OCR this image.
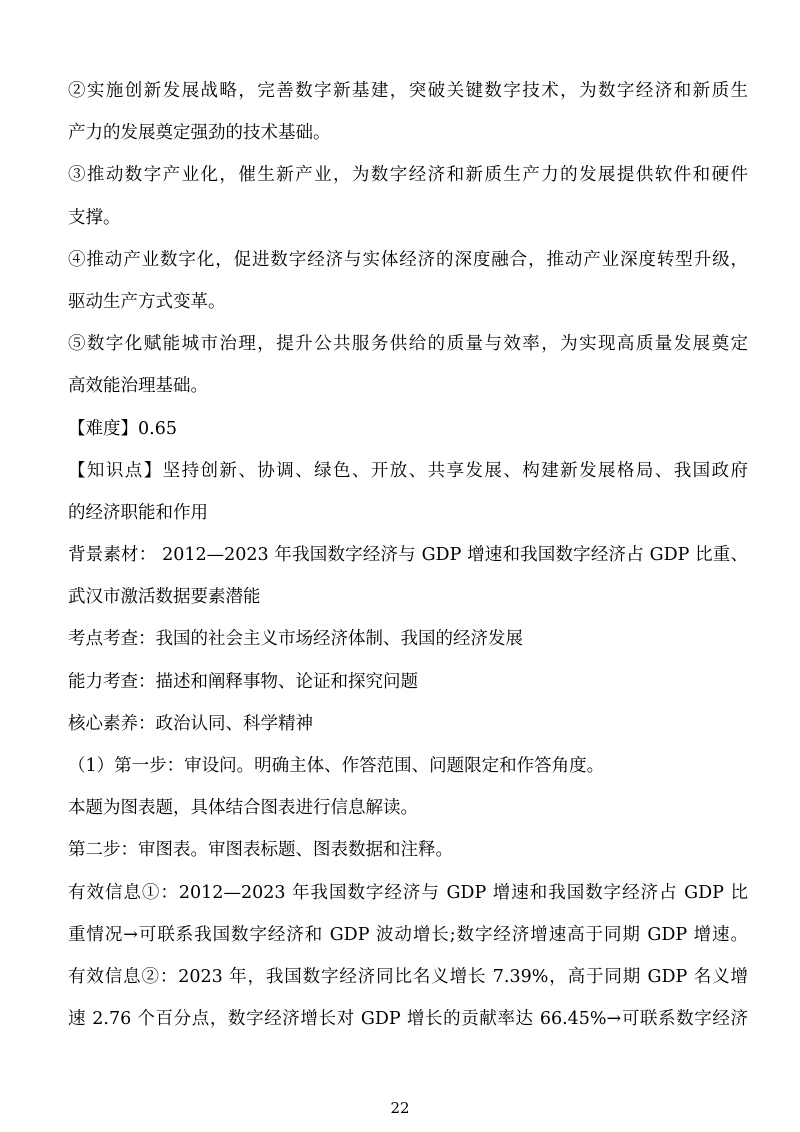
②实施创新发展战略，完善数字新基建，突破关键数字技术，为数字经济和新质生
产力的发展奠定强劲的技术基础。
③推动数字产业化，催生新产业，为数字经济和新质生产力的发展提供软件和硬件
支撑。
④推动产业数字化，促进数字经济与实体经济的深度融合，推动产业深度转型升级，
驱动生产方式变革。
⑤数字化赋能城市治理，提升公共服务供给的质量与效率，为实现高质量发展奠定
高效能治理基础。
【难度】0.65
【知识点】坚持创新、协调、绿色、开放、共享发展、构建新发展格局、我国政府
的经济职能和作用
背景素材： 2012—2023 年我国数字经济与 GDP 增速和我国数字经济占 GDP 比重、
武汉市激活数据要素潜能
考点考查：我国的社会主义市场经济体制、我国的经济发展
能力考查：描述和阐释事物、论证和探究问题
核心素养：政治认同、科学精神
（1）第一步：审设问。明确主体、作答范围、问题限定和作答角度。
本题为图表题，具体结合图表进行信息解读。
第二步：审图表。审图表标题、图表数据和注释。
有效信息①：2012—2023 年我国数字经济与 GDP 增速和我国数字经济占 GDP 比
重情况→可联系我国数字经济和 GDP 波动增长;数字经济增速高于同期 GDP 增速。
有效信息②：2023 年，我国数字经济同比名义增长 7.39%，高于同期 GDP 名义增
速 2.76 个百分点，数字经济增长对 GDP 增长的贡献率达 66.45%→可联系数字经济
22
